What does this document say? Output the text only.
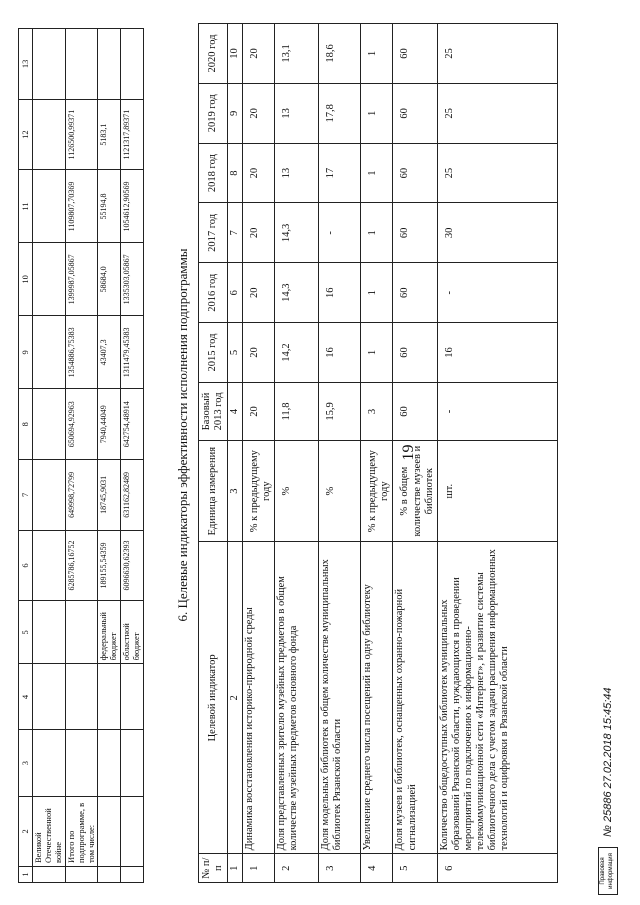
1	2	3	4	5	6	7	8	9	10	11	12	13
	Великой Отечественной войне											
	Итого по подпрограмме, в том числе:				6285786,16752	649998,72799	650694,92963	1354886,75383	1399987,05867	1109807,70369	1126500,99371	
				федеральный бюджет	189155,54359	18745,9031	7940,44049	43407,3	58684,0	55194,8	5183,1	
				областной бюджет	6096630,62393	631162,82489	642754,48914	1311479,45383	1335303,05867	1054612,90569	1121317,89371	
6. Целевые индикаторы эффективности исполнения подпрограммы
№ п/п	Целевой индикатор	Единица измерения	Базовый 2013 год	2015 год	2016 год	2017 год	2018 год	2019 год	2020 год
1	2	3	4	5	6	7	8	9	10
1	Динамика восстановления историко-природной среды	% к предыдущему году	20	20	20	20	20	20	20
2	Доля представленных зрителю музейных предметов в общем количестве музейных предметов основного фонда	%	11,8	14,2	14,3	14,3	13	13	13,1
3	Доля модельных библиотек в общем количестве муниципальных библиотек Рязанской области	%	15,9	16	16	-	17	17,8	18,6
4	Увеличение среднего числа посещений на одну библиотеку	% к предыдущему году	3	1	1	1	1	1	1
5	Доля музеев и библиотек, оснащенных охранно-пожарной сигнализацией	% в общем количестве музеев и библиотек	60	60	60	60	60	60	60
6	Количество общедоступных библиотек муниципальных образований Рязанской области, нуждающихся в проведении мероприятий по подключению к информационно-телекоммуникационной сети «Интернет», и развитие системы библиотечного дела с учетом задачи расширения информационных технологий и оцифровки в Рязанской области	шт.	-	16	-	30	25	25	25
19
Правовая информация
№ 25886 27.02.2018 15:45:44
